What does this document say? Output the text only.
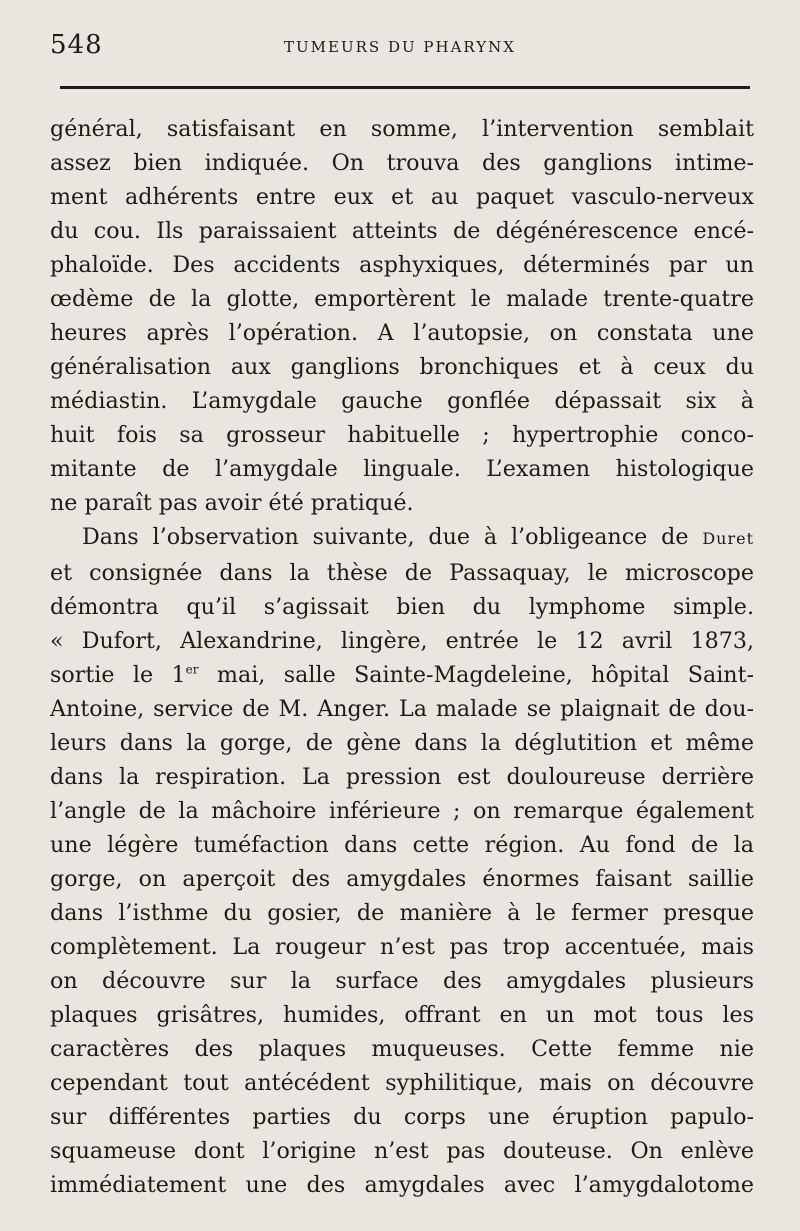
548	TUMEURS DU PHARYNX
général, satisfaisant en somme, l’intervention semblait
assez bien indiquée. On trouva des ganglions intime-
ment adhérents entre eux et au paquet vasculo-nerveux
du cou. Ils paraissaient atteints de dégénérescence encé-
phaloïde. Des accidents asphyxiques, déterminés par un
œdème de la glotte, emportèrent le malade trente-quatre
heures après l’opération. A l’autopsie, on constata une
généralisation aux ganglions bronchiques et à ceux du
médiastin. L’amygdale gauche gonflée dépassait six à
huit fois sa grosseur habituelle ; hypertrophie conco-
mitante de l’amygdale linguale. L’examen histologique
ne paraît pas avoir été pratiqué.
Dans l’observation suivante, due à l’obligeance de Duret
et consignée dans la thèse de Passaquay, le microscope
démontra qu’il s’agissait bien du lymphome simple.
« Dufort, Alexandrine, lingère, entrée le 12 avril 1873,
sortie le 1er mai, salle Sainte-Magdeleine, hôpital Saint-
Antoine, service de M. Anger. La malade se plaignait de dou-
leurs dans la gorge, de gène dans la déglutition et même
dans la respiration. La pression est douloureuse derrière
l’angle de la mâchoire inférieure ; on remarque également
une légère tuméfaction dans cette région. Au fond de la
gorge, on aperçoit des amygdales énormes faisant saillie
dans l’isthme du gosier, de manière à le fermer presque
complètement. La rougeur n’est pas trop accentuée, mais
on découvre sur la surface des amygdales plusieurs
plaques grisâtres, humides, offrant en un mot tous les
caractères des plaques muqueuses. Cette femme nie
cependant tout antécédent syphilitique, mais on découvre
sur différentes parties du corps une éruption papulo-
squameuse dont l’origine n’est pas douteuse. On enlève
immédiatement une des amygdales avec l’amygdalotome
